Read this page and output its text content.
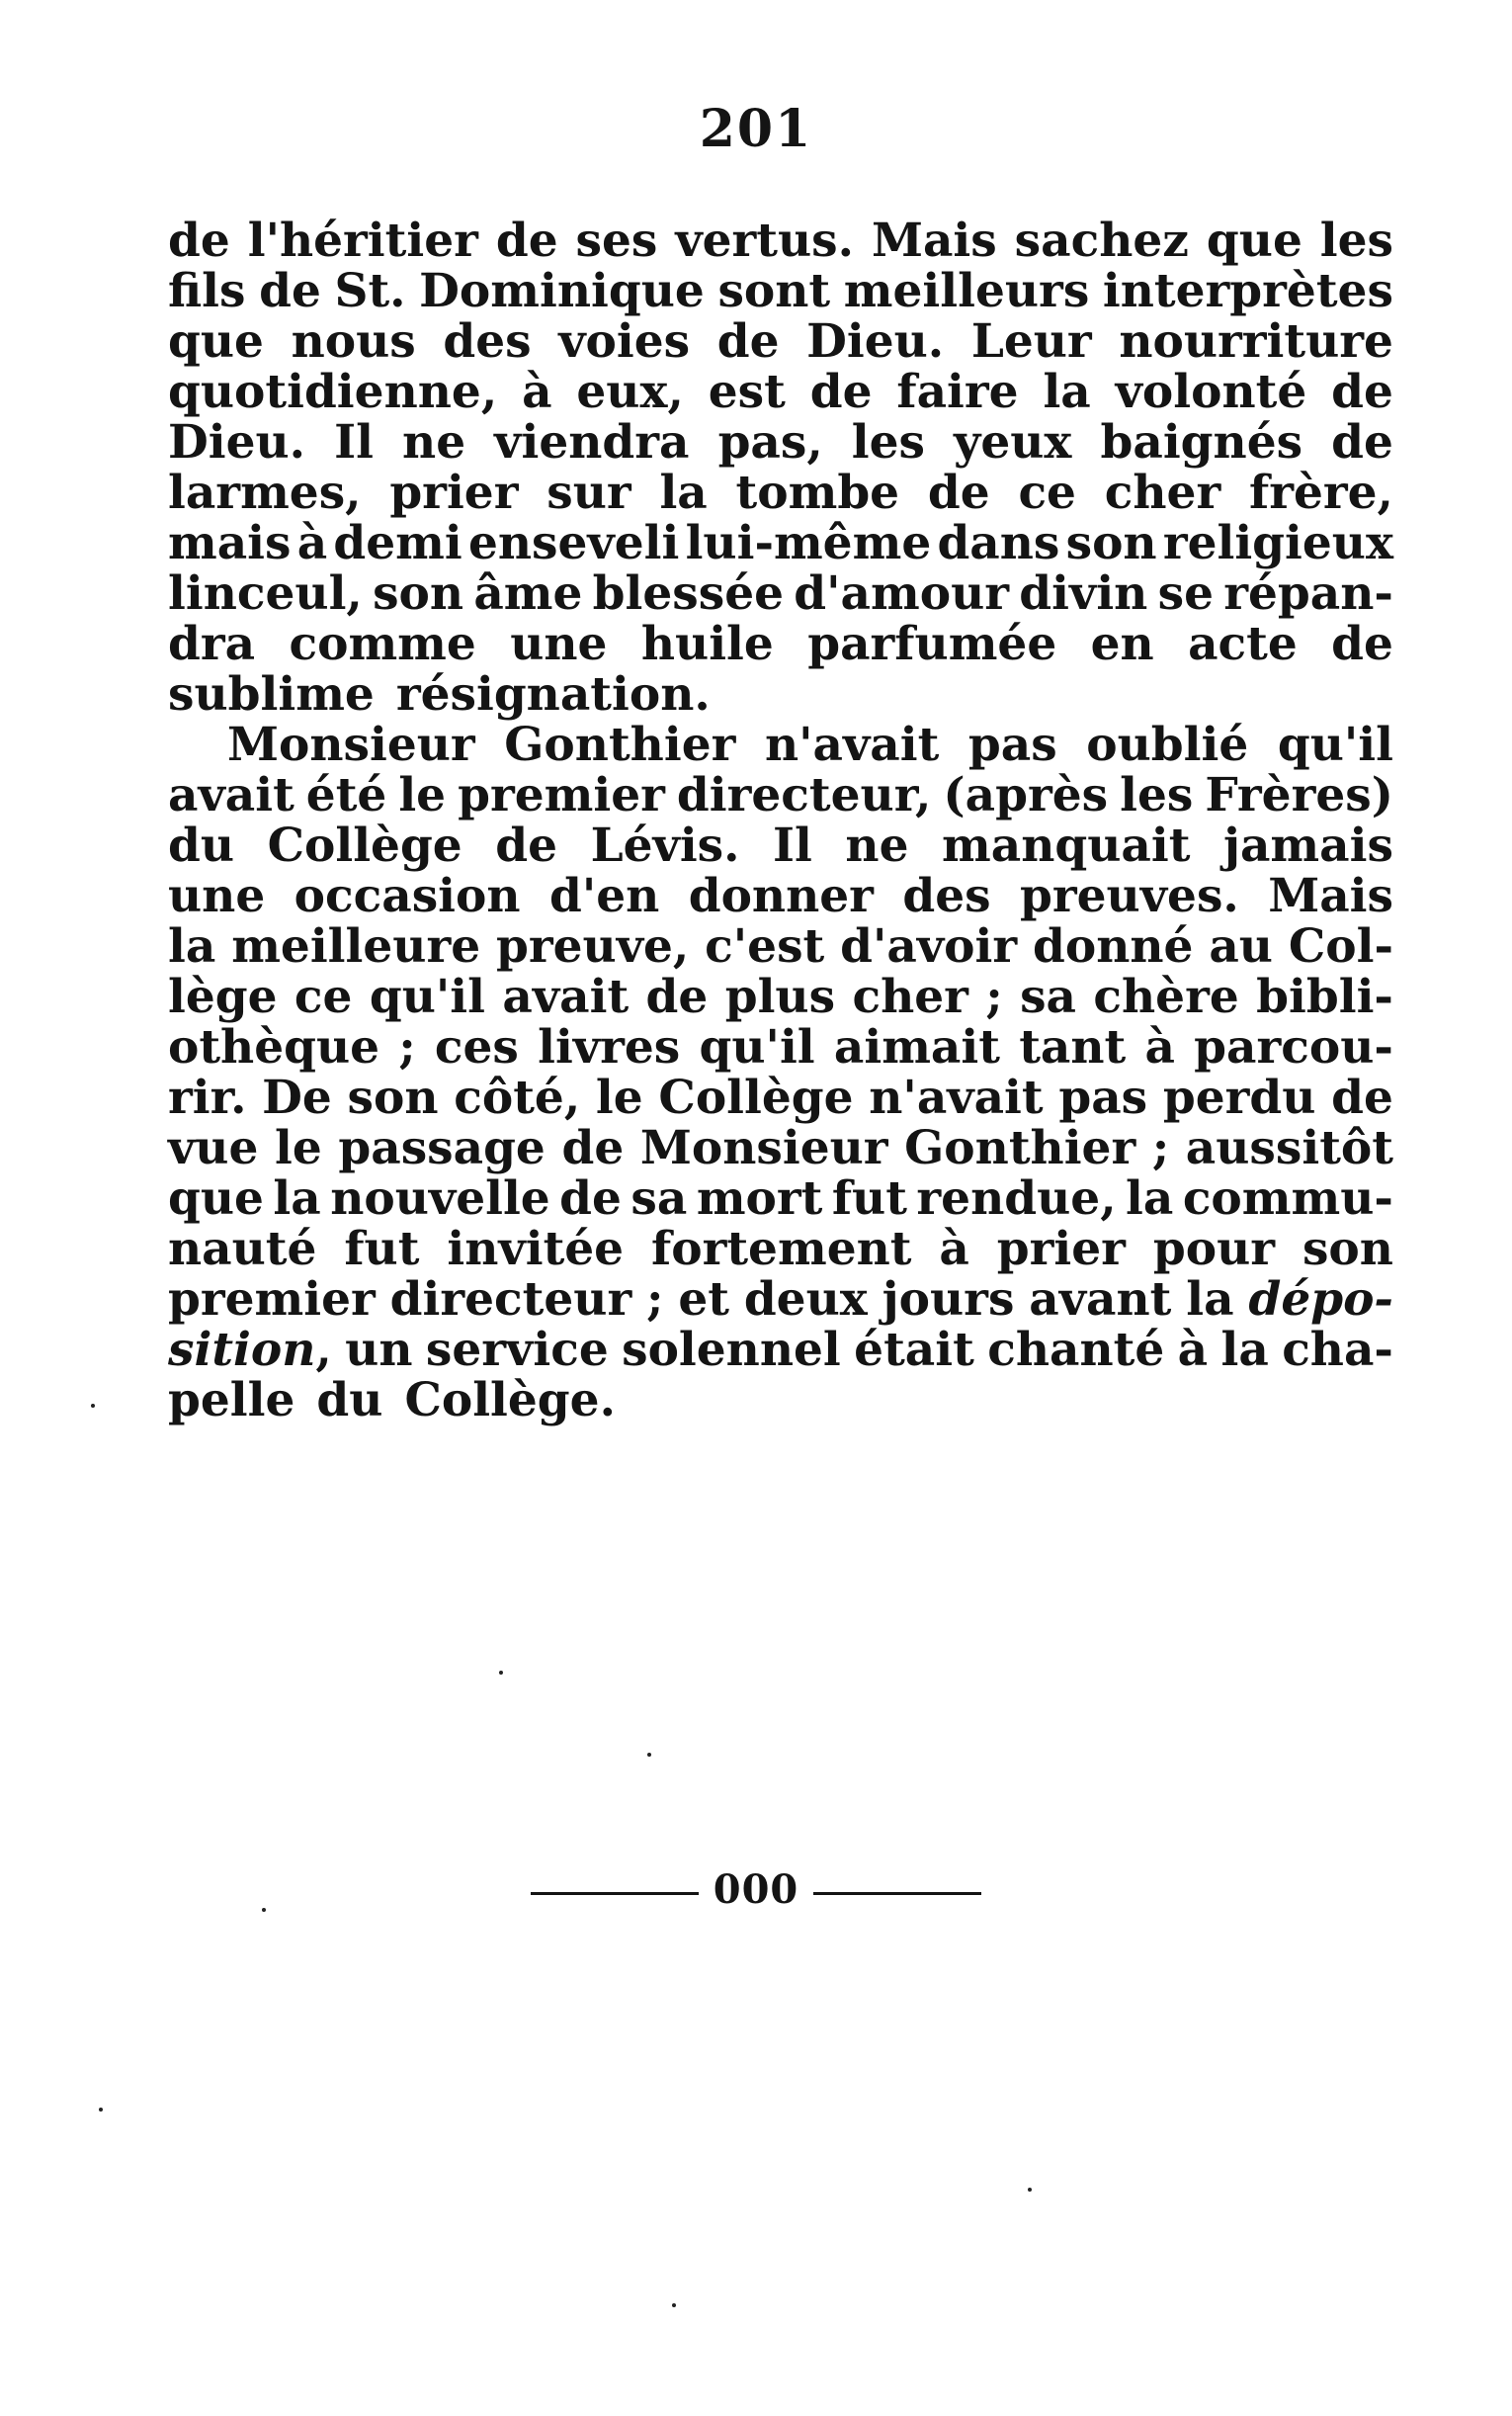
201
de l'héritier de ses vertus. Mais sachez que les
fils de St. Dominique sont meilleurs interprètes
que nous des voies de Dieu. Leur nourriture
quotidienne, à eux, est de faire la volonté de
Dieu. Il ne viendra pas, les yeux baignés de
larmes, prier sur la tombe de ce cher frère,
mais à demi enseveli lui-même dans son religieux
linceul, son âme blessée d'amour divin se répan-
dra comme une huile parfumée en acte de
sublime résignation.
Monsieur Gonthier n'avait pas oublié qu'il
avait été le premier directeur, (après les Frères)
du Collège de Lévis. Il ne manquait jamais
une occasion d'en donner des preuves. Mais
la meilleure preuve, c'est d'avoir donné au Col-
lège ce qu'il avait de plus cher ; sa chère bibli-
othèque ; ces livres qu'il aimait tant à parcou-
rir. De son côté, le Collège n'avait pas perdu de
vue le passage de Monsieur Gonthier ; aussitôt
que la nouvelle de sa mort fut rendue, la commu-
nauté fut invitée fortement à prier pour son
premier directeur ; et deux jours avant la dépo-
sition, un service solennel était chanté à la cha-
pelle du Collège.
000
